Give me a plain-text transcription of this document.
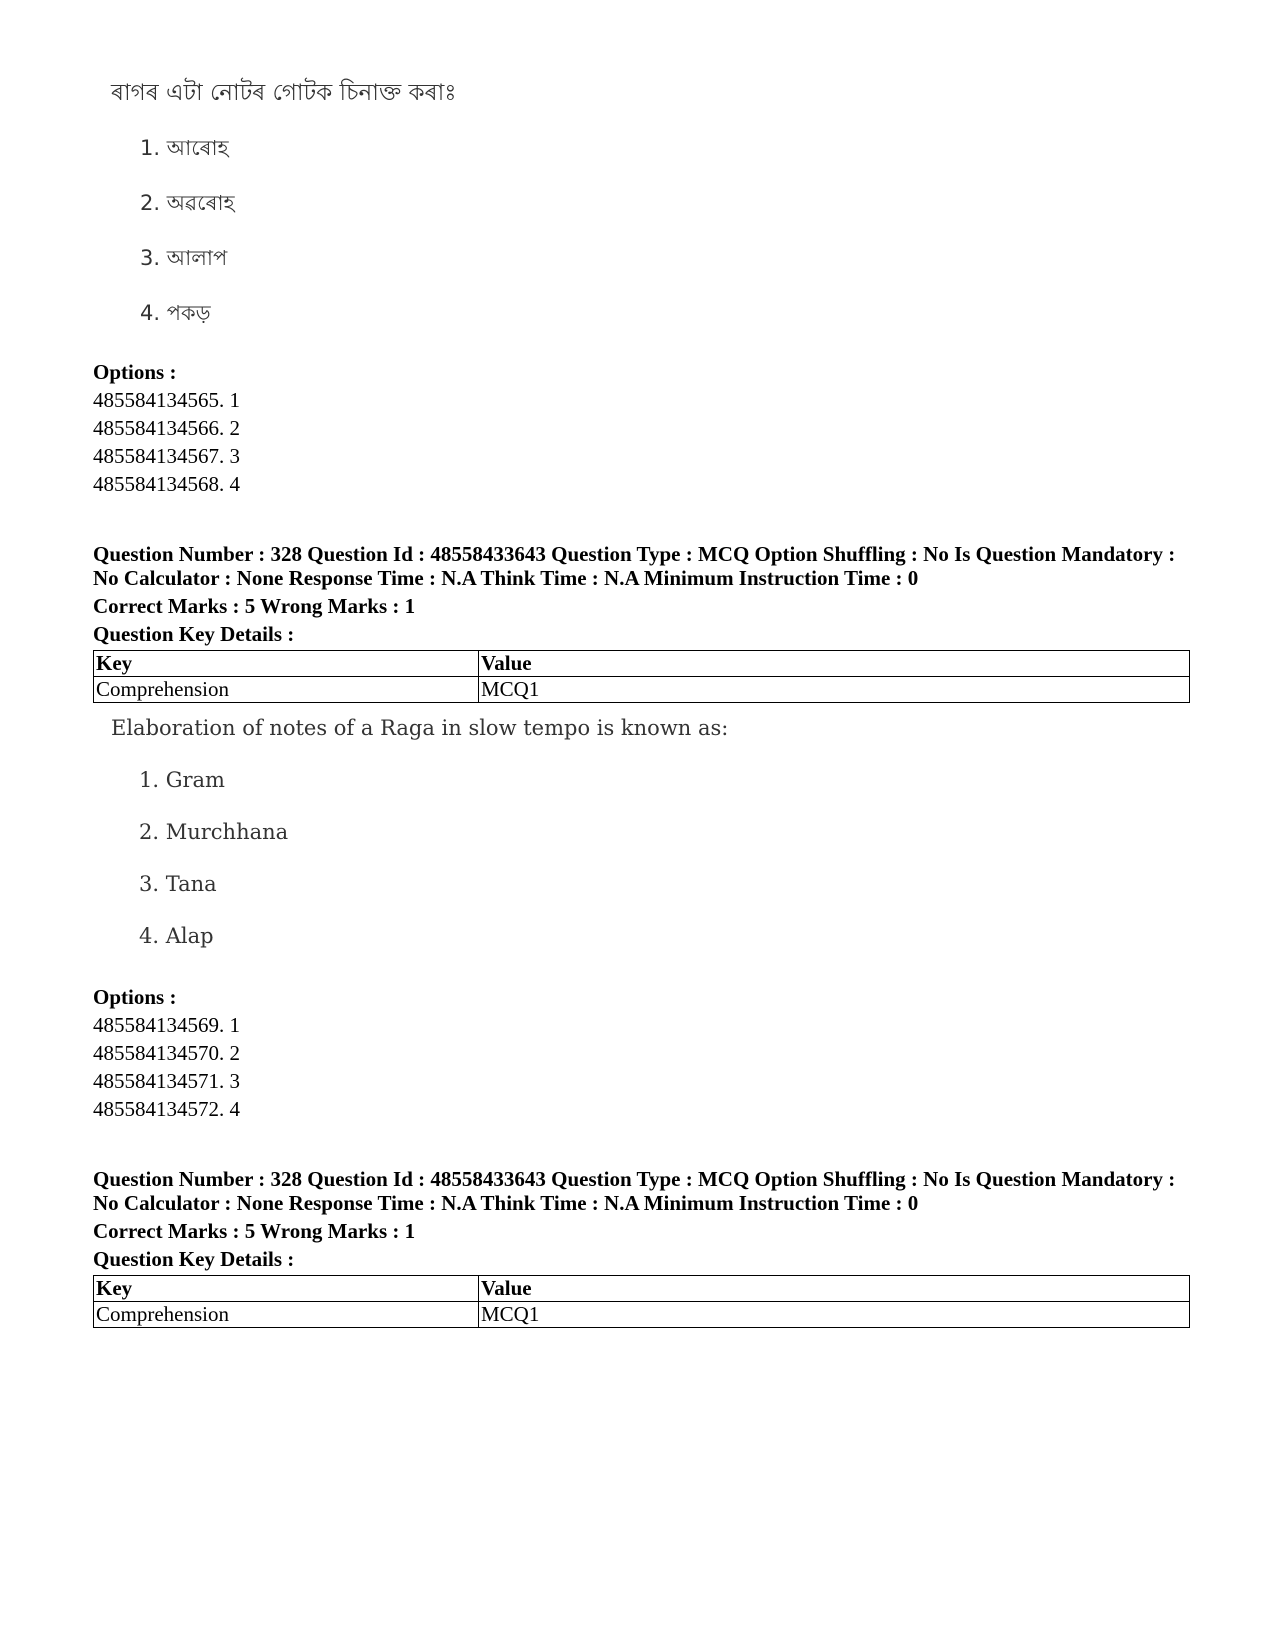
ৰাগৰ এটা নোটৰ গোটক চিনাক্ত কৰাঃ
1. আৰোহ
2. অৱৰোহ
3. আলাপ
4. পকড়
Options :
485584134565. 1
485584134566. 2
485584134567. 3
485584134568. 4
Question Number : 328 Question Id : 48558433643 Question Type : MCQ Option Shuffling : No Is Question Mandatory :
No Calculator : None Response Time : N.A Think Time : N.A Minimum Instruction Time : 0
Correct Marks : 5 Wrong Marks : 1
Question Key Details :
Key	Value
Comprehension	MCQ1
Elaboration of notes of a Raga in slow tempo is known as:
1. Gram
2. Murchhana
3. Tana
4. Alap
Options :
485584134569. 1
485584134570. 2
485584134571. 3
485584134572. 4
Question Number : 328 Question Id : 48558433643 Question Type : MCQ Option Shuffling : No Is Question Mandatory :
No Calculator : None Response Time : N.A Think Time : N.A Minimum Instruction Time : 0
Correct Marks : 5 Wrong Marks : 1
Question Key Details :
Key	Value
Comprehension	MCQ1
